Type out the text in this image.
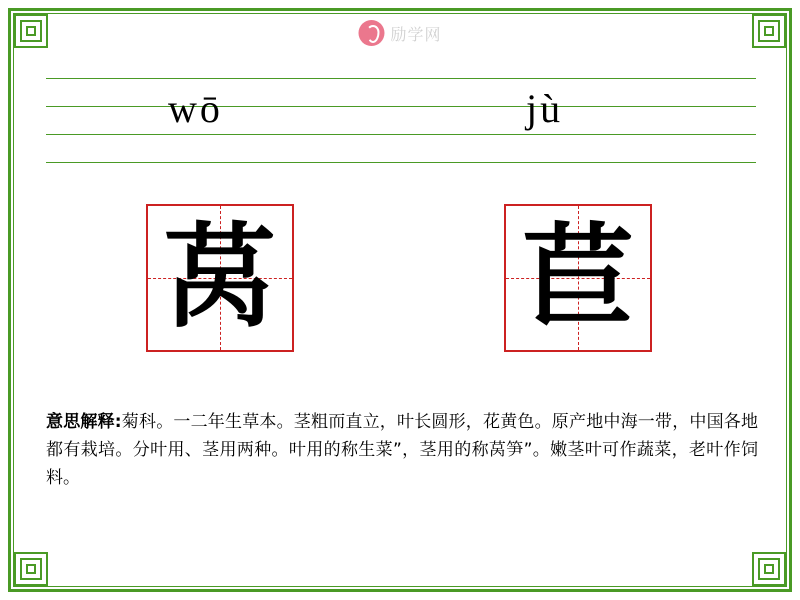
励学网
wō	jù
莴 苣
意思解释:菊科。一二年生草本。茎粗而直立，叶长圆形，花黄色。原产地中海一带，中国各地都有栽培。分叶用、茎用两种。叶用的称生菜”，茎用的称莴笋”。嫩茎叶可作蔬菜，老叶作饲料。
